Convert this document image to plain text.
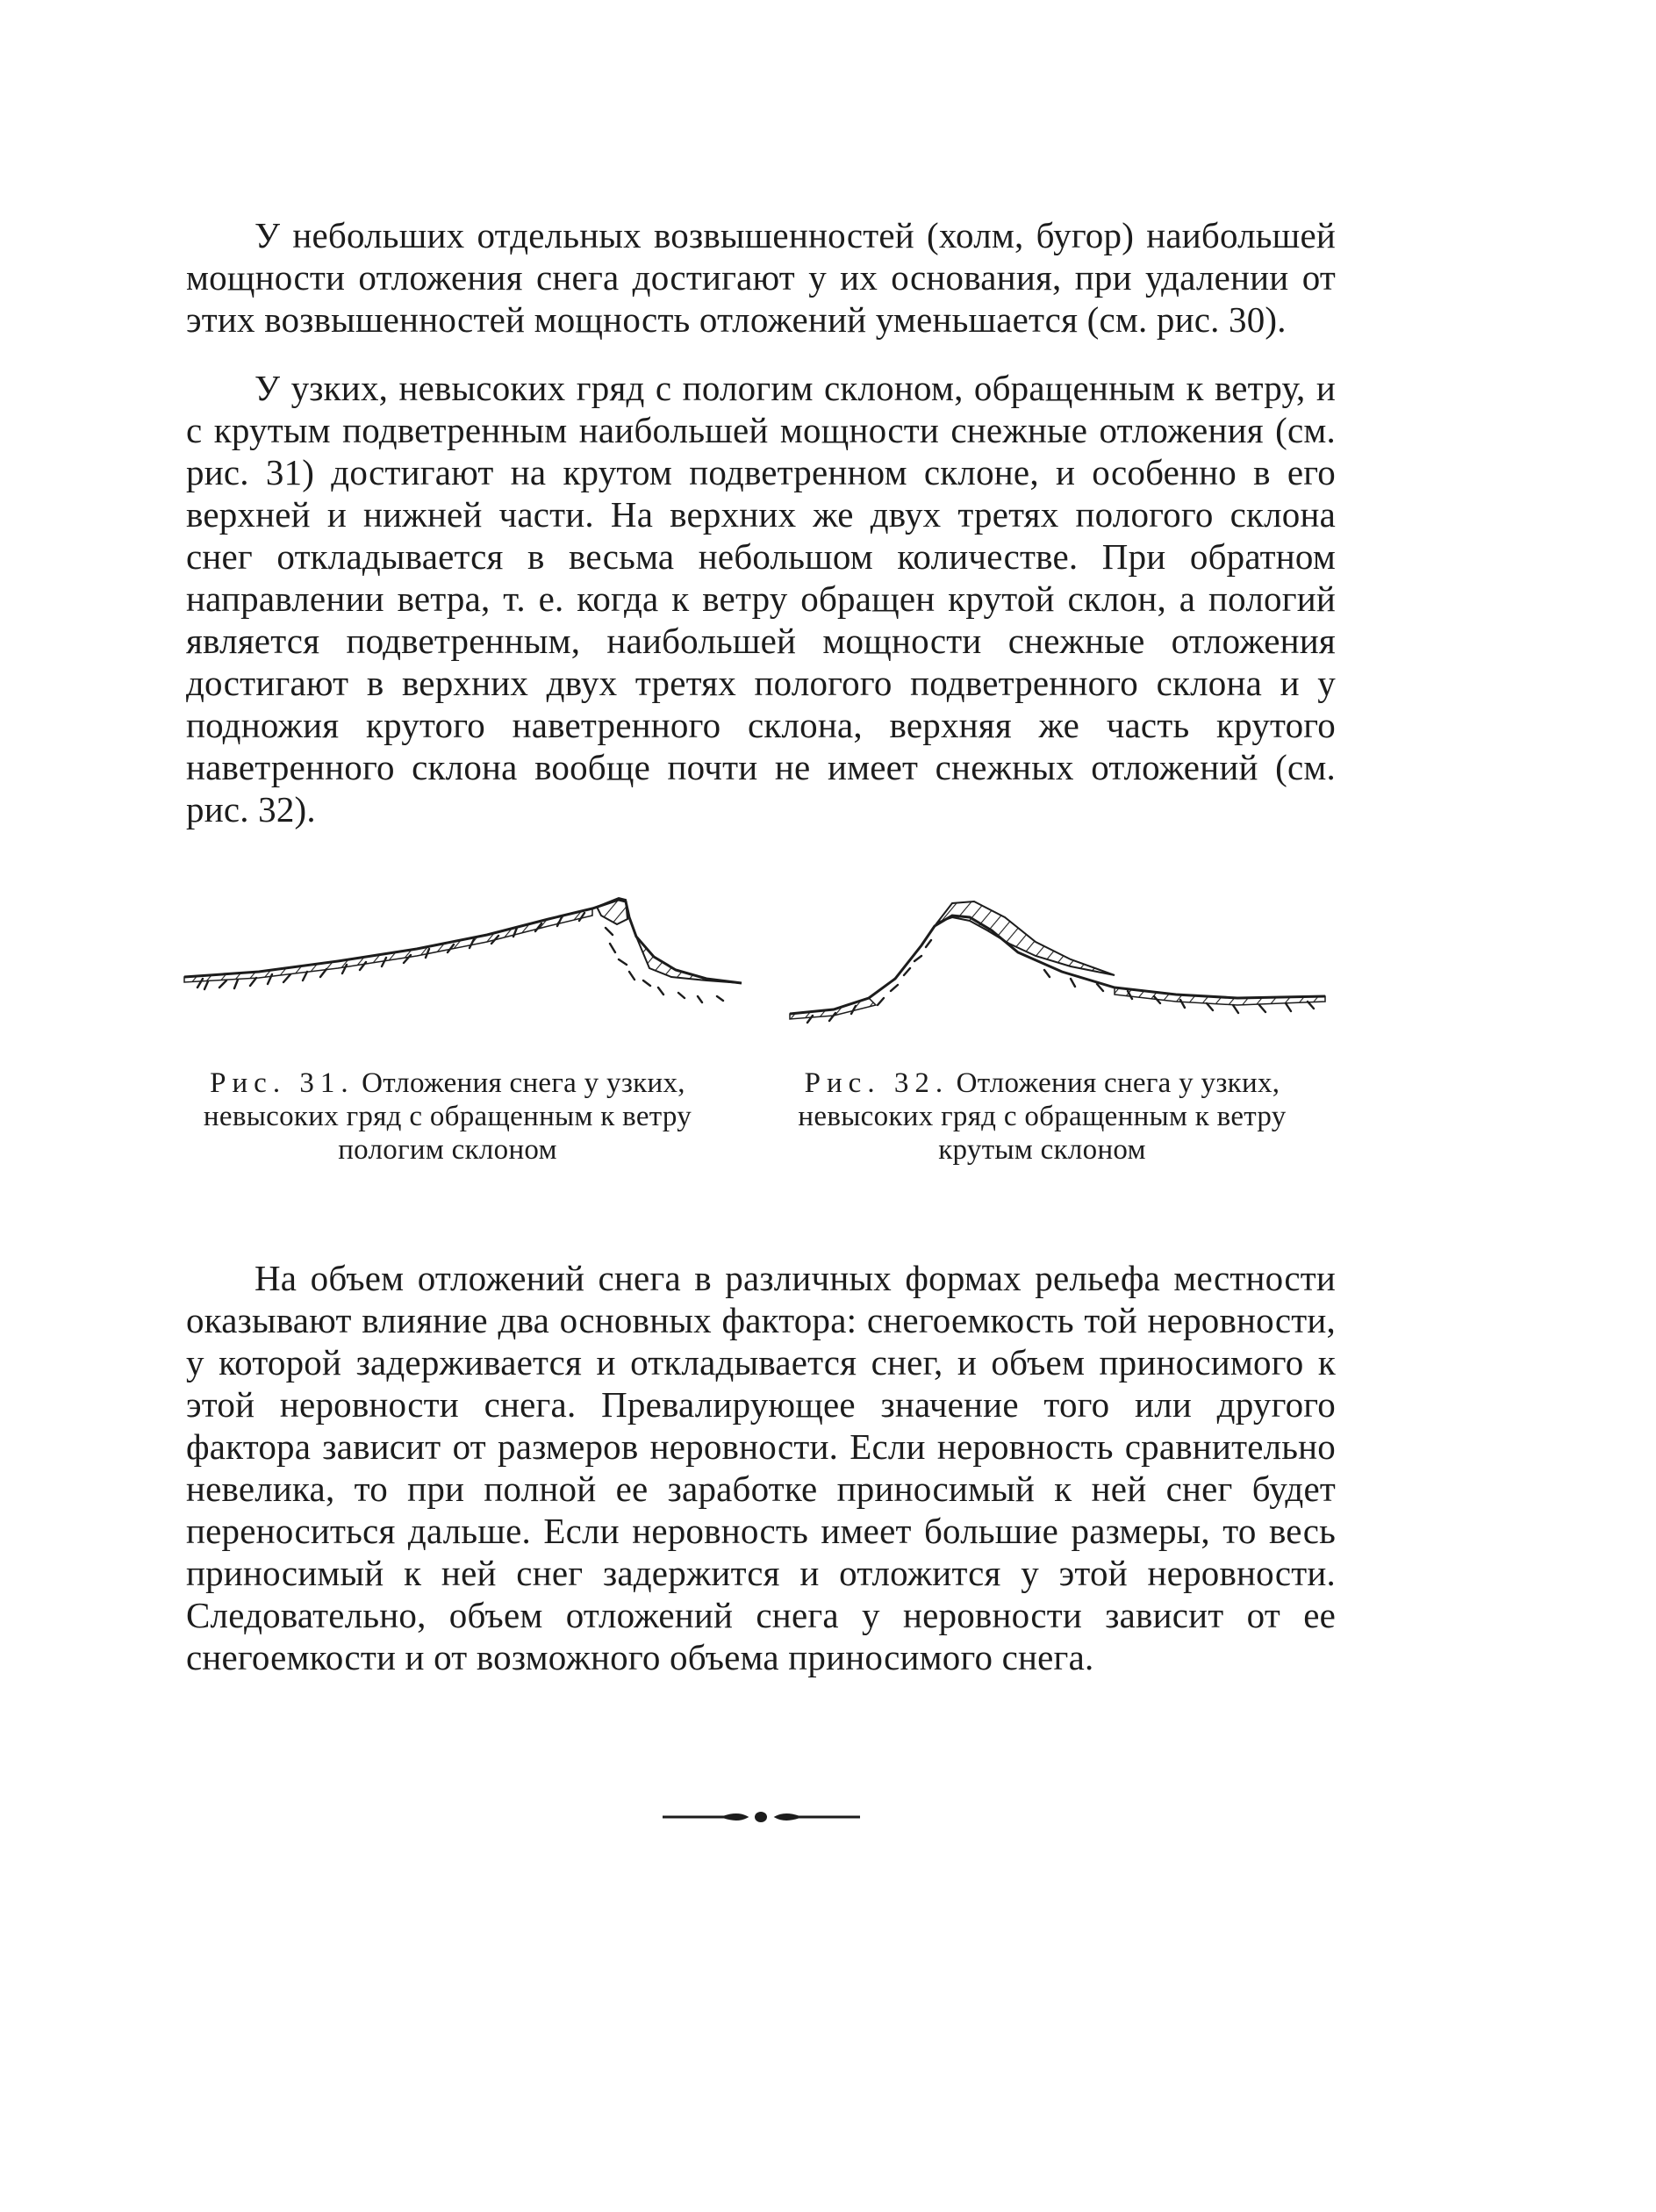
У небольших отдельных возвышенностей (холм, бугор) наибольшей мощности отложения снега достигают у их основания, при удалении от этих возвышенностей мощность отложений уменьшается (см. рис. 30).

У узких, невысоких гряд с пологим склоном, обращенным к ветру, и с крутым подветренным наибольшей мощности снежные отложения (см. рис. 31) достигают на крутом подветренном склоне, и особенно в его верхней и нижней части. На верхних же двух третях пологого склона снег откладывается в весьма небольшом количестве. При обратном направлении ветра, т. е. когда к ветру обращен крутой склон, а пологий является подветренным, наибольшей мощности снежные отложения достигают в верхних двух третях пологого подветренного склона и у подножия крутого наветренного склона, верхняя же часть крутого наветренного склона вообще почти не имеет снежных отложений (см. рис. 32).

Рис. 31. Отложения снега у узких, невысоких гряд с обращенным к ветру пологим склоном

Рис. 32. Отложения снега у узких, невысоких гряд с обращенным к ветру крутым склоном

На объем отложений снега в различных формах рельефа местности оказывают влияние два основных фактора: снегоемкость той неровности, у которой задерживается и откладывается снег, и объем приносимого к этой неровности снега. Превалирующее значение того или другого фактора зависит от размеров неровности. Если неровность сравнительно невелика, то при полной ее заработке приносимый к ней снег будет переноситься дальше. Если неровность имеет большие размеры, то весь приносимый к ней снег задержится и отложится у этой неровности. Следовательно, объем отложений снега у неровности зависит от ее снегоемкости и от возможного объема приносимого снега.
